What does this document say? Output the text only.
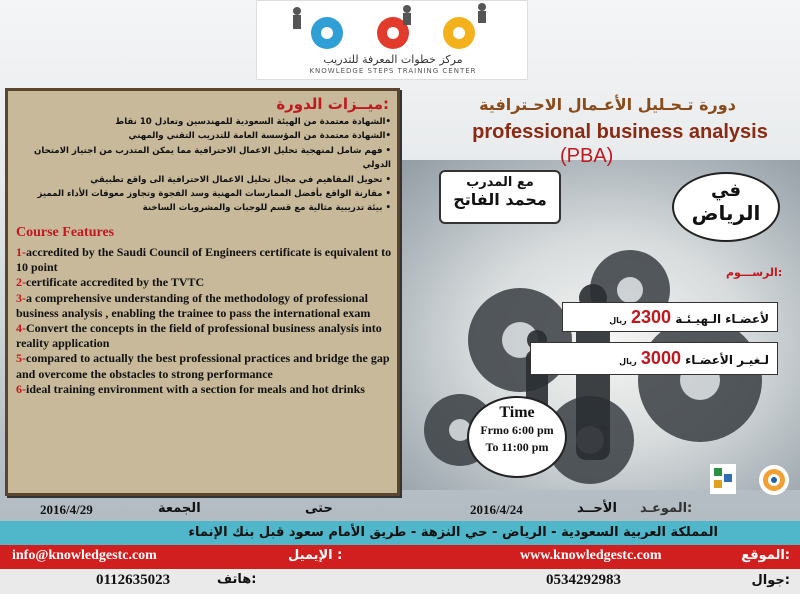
مركز خطوات المعرفة للتدريب
KNOWLEDGE STEPS TRAINING CENTER
ميــزات الدورة:
•الشهادة معتمدة من الهيئة السعودية للمهندسين وتعادل 10 نقاط
•الشهادة معتمدة من المؤسسة العامة للتدريب التقني والمهني
• فهم شامل لمنهجية تحليل الاعمال الاحترافية مما يمكن المتدرب من اجتياز الامتحان الدولي
• تحويل المفاهيم في مجال تحليل الاعمال الاحترافية الى واقع تطبيقي
• مقارنة الواقع بأفضل الممارسات المهنية وسد الفجوة وتجاوز معوقات الأداء المميز
• بيئة تدريبية مثالية مع قسم للوجبات والمشروبات الساخنة
Course Features
1-accredited by the Saudi Council of Engineers certificate is equivalent to 10 point
2-certificate accredited by the TVTC
3-a comprehensive understanding of the methodology of professional business analysis , enabling the trainee to pass the international exam
4-Convert the concepts in the field of professional business analysis into reality application
5-compared to actually the best professional practices and bridge the gap and overcome the obstacles to strong performance
6-ideal training environment with a section for meals and hot drinks
دورة تـحـليل الأعـمال الاحـترافية
professional business analysis
(PBA)
مع المدرب
محمد الفاتح	في
الرياض
الرســـوم:
لأعضـاء الـهيـئـة 2300 ريال
لـغيـر الأعضـاء 3000 ريال
Time
Frmo 6:00 pm
To 11:00 pm
2016/4/29	الجمعة	حتى	2016/4/24	الأحــد الموعـد:
المملكة العربية السعودية - الرياض - حي النزهة - طريق الأمام سعود قبل بنك الإنماء
الموقع:
www.knowledgestc.com
الإيميل :
info@knowledgestc.com
جوال:
0534292983
هاتف:
0112635023
